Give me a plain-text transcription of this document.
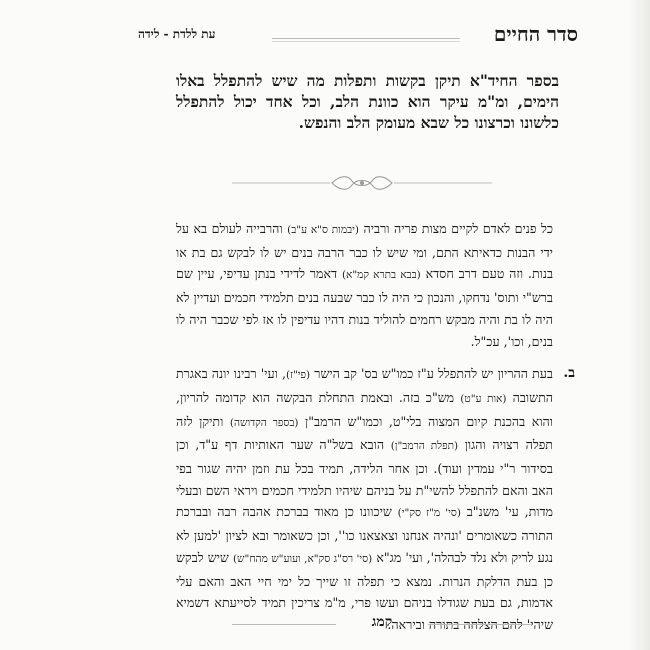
סדר החיים
עת ללדת - לידה

בספר החיד"א תיקן בקשות ותפלות מה שיש להתפלל באלו הימים, ומ"מ עיקר הוא כוונת הלב, וכל אחד יכול להתפלל כלשונו וכרצונו כל שבא מעומק הלב והנפש.

כל פנים לאדם לקיים מצות פריה ורביה (יבמות ס"א ע"ב) והרבייה לעולם בא על ידי הבנות כדאיתא התם, ומי שיש לו כבר הרבה בנים יש לו לבקש גם בת או בנות. וזה טעם דרב חסדא (בבא בתרא קמ"א) דאמר לדידי בנתן עדיפי, עיין שם ברש"י ותוס' נדחקו, והנכון כי היה לו כבר שבעה בנים תלמידי חכמים ועדיין לא היה לו בת והיה מבקש רחמים להוליד בנות דהיו עדיפין לו אז לפי שכבר היה לו בנים, וכו', עכ"ל.

ב.
בעת ההריון יש להתפלל ע"ז כמו"ש בס' קב הישר (פי"ז), ועי' רבינו יונה באגרת התשובה (אות ע"ט) מש"כ בזה. ובאמת התחלת הבקשה הוא קדומה להריון, והוא בהכנת קיום המצוה בלי"ט, וכמו"ש הרמב"ן (בספר הקדושה) ותיקן לזה תפלה רצויה והגון (תפלת הרמב"ן) הובא בשל"ה שער האותיות דף ע"ד, וכן בסידור ר"י עמדין ועוד). וכן אחר הלידה, תמיד בכל עת וזמן יהיה שגור בפי האב והאם להתפלל להשי"ת על בניהם שיהיו תלמידי חכמים ויראי השם ובעלי מדות, עי' משנ"ב (סי' מ"ז סק"י) שיכוונו כן מאוד בברכת אהבה רבה ובברכת התורה כשאומרים 'ונהיה אנחנו וצאצאנו כו'', וכן כשאומר ובא לציון 'למען לא נגע לריק ולא נלד לבהלה', ועי' מג"א (סי' רס"ג סק"א, ועוע"ש מהח"ש) שיש לבקש כן בעת הדלקת הנרות. נמצא כי תפלה זו שייך כל ימי חיי האב והאם עלי אדמות, גם בעת שגודלו בניהם ועשו פרי, מ"מ צריכין תמיד לסייעתא דשמיא שיהי' להם הצלחה בתורה וביראה.

קמג
